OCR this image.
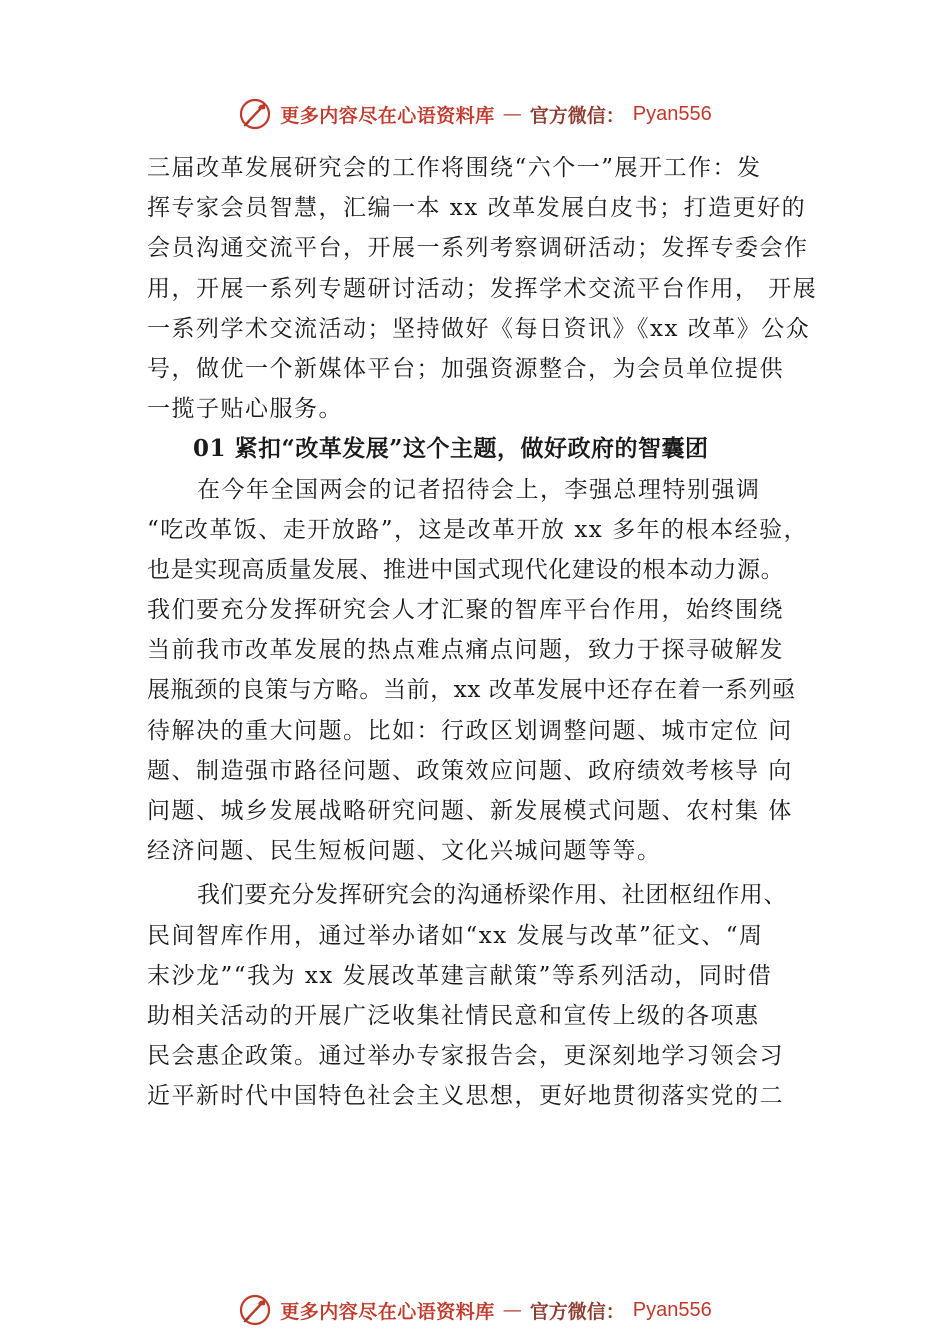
更多内容尽在心语资料库 — 官方微信： Pyan556

三届改革发展研究会的工作将围绕“六个一”展开工作：发

挥专家会员智慧，汇编一本 xx 改革发展白皮书；打造更好的

会员沟通交流平台，开展一系列考察调研活动；发挥专委会作

用，开展一系列专题研讨活动；发挥学术交流平台作用， 开展

一系列学术交流活动；坚持做好《每日资讯》《xx 改革》公众

号，做优一个新媒体平台；加强资源整合，为会员单位提供

一揽子贴心服务。

01 紧扣“改革发展”这个主题，做好政府的智囊团

在今年全国两会的记者招待会上，李强总理特别强调

“吃改革饭、走开放路”，这是改革开放 xx 多年的根本经验，

也是实现高质量发展、推进中国式现代化建设的根本动力源。

我们要充分发挥研究会人才汇聚的智库平台作用，始终围绕

当前我市改革发展的热点难点痛点问题，致力于探寻破解发

展瓶颈的良策与方略。当前，xx 改革发展中还存在着一系列亟

待解决的重大问题。比如：行政区划调整问题、城市定位 问

题、制造强市路径问题、政策效应问题、政府绩效考核导 向

问题、城乡发展战略研究问题、新发展模式问题、农村集 体

经济问题、民生短板问题、文化兴城问题等等。

我们要充分发挥研究会的沟通桥梁作用、社团枢纽作用、

民间智库作用，通过举办诸如“xx 发展与改革”征文、“周

末沙龙”“我为 xx 发展改革建言献策”等系列活动，同时借

助相关活动的开展广泛收集社情民意和宣传上级的各项惠

民会惠企政策。通过举办专家报告会，更深刻地学习领会习

近平新时代中国特色社会主义思想，更好地贯彻落实党的二

更多内容尽在心语资料库 — 官方微信： Pyan556
